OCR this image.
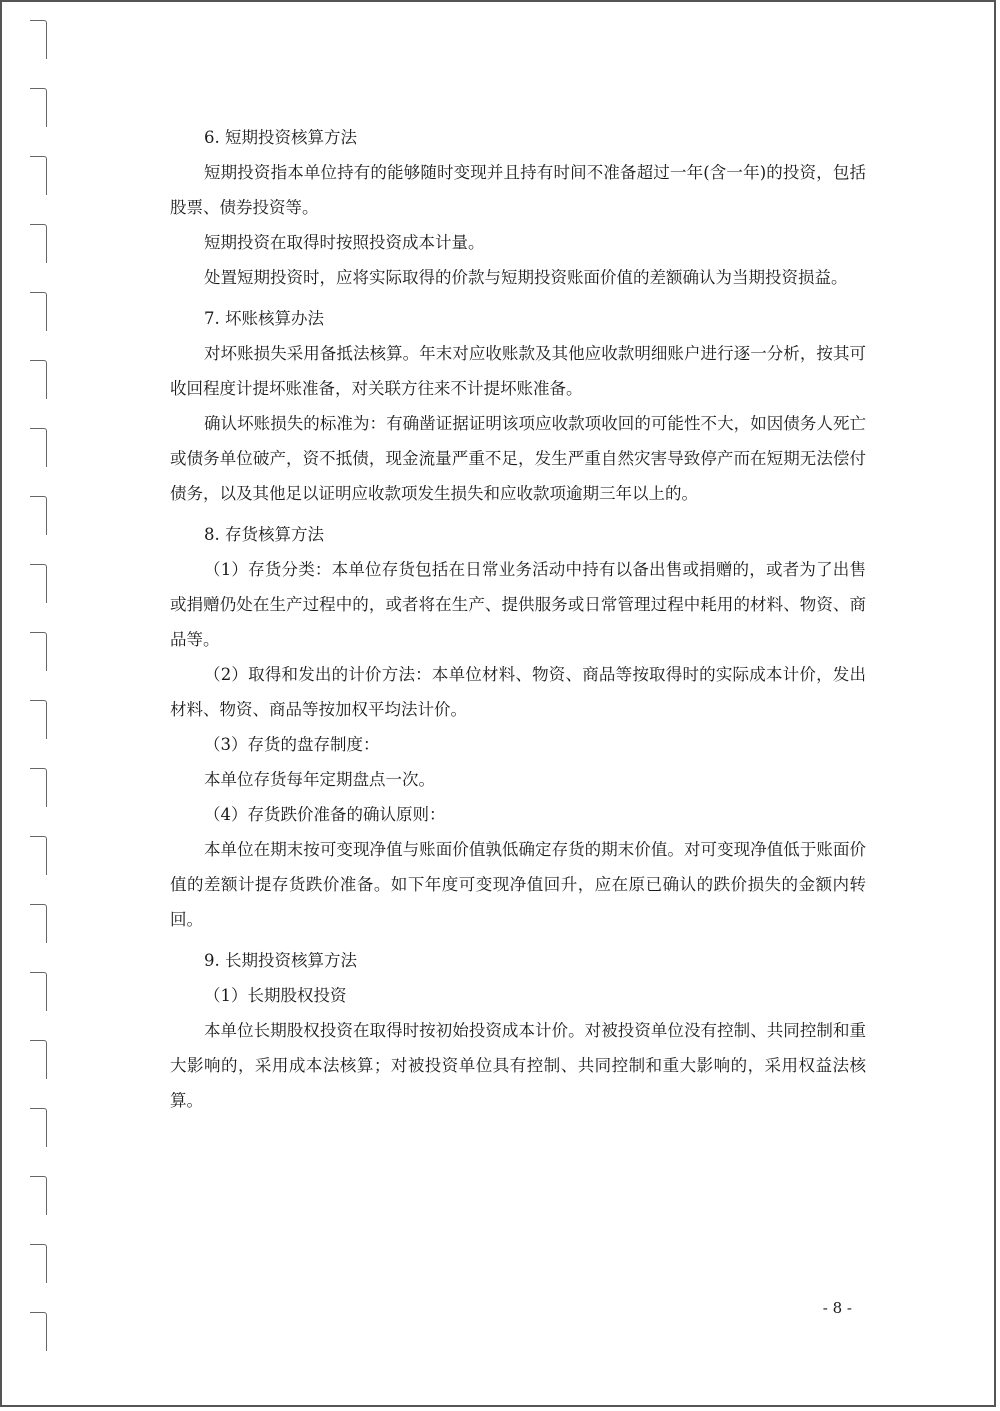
6. 短期投资核算方法

短期投资指本单位持有的能够随时变现并且持有时间不准备超过一年(含一年)的投资，包括股票、债券投资等。

短期投资在取得时按照投资成本计量。

处置短期投资时，应将实际取得的价款与短期投资账面价值的差额确认为当期投资损益。

7. 坏账核算办法

对坏账损失采用备抵法核算。年末对应收账款及其他应收款明细账户进行逐一分析，按其可收回程度计提坏账准备，对关联方往来不计提坏账准备。

确认坏账损失的标准为：有确凿证据证明该项应收款项收回的可能性不大，如因债务人死亡或债务单位破产，资不抵债，现金流量严重不足，发生严重自然灾害导致停产而在短期无法偿付债务，以及其他足以证明应收款项发生损失和应收款项逾期三年以上的。

8. 存货核算方法

（1）存货分类：本单位存货包括在日常业务活动中持有以备出售或捐赠的，或者为了出售或捐赠仍处在生产过程中的，或者将在生产、提供服务或日常管理过程中耗用的材料、物资、商品等。

（2）取得和发出的计价方法：本单位材料、物资、商品等按取得时的实际成本计价，发出材料、物资、商品等按加权平均法计价。

（3）存货的盘存制度：

本单位存货每年定期盘点一次。

（4）存货跌价准备的确认原则：

本单位在期末按可变现净值与账面价值孰低确定存货的期末价值。对可变现净值低于账面价值的差额计提存货跌价准备。如下年度可变现净值回升，应在原已确认的跌价损失的金额内转回。

9. 长期投资核算方法

（1）长期股权投资

本单位长期股权投资在取得时按初始投资成本计价。对被投资单位没有控制、共同控制和重大影响的，采用成本法核算；对被投资单位具有控制、共同控制和重大影响的，采用权益法核算。

- 8 -
